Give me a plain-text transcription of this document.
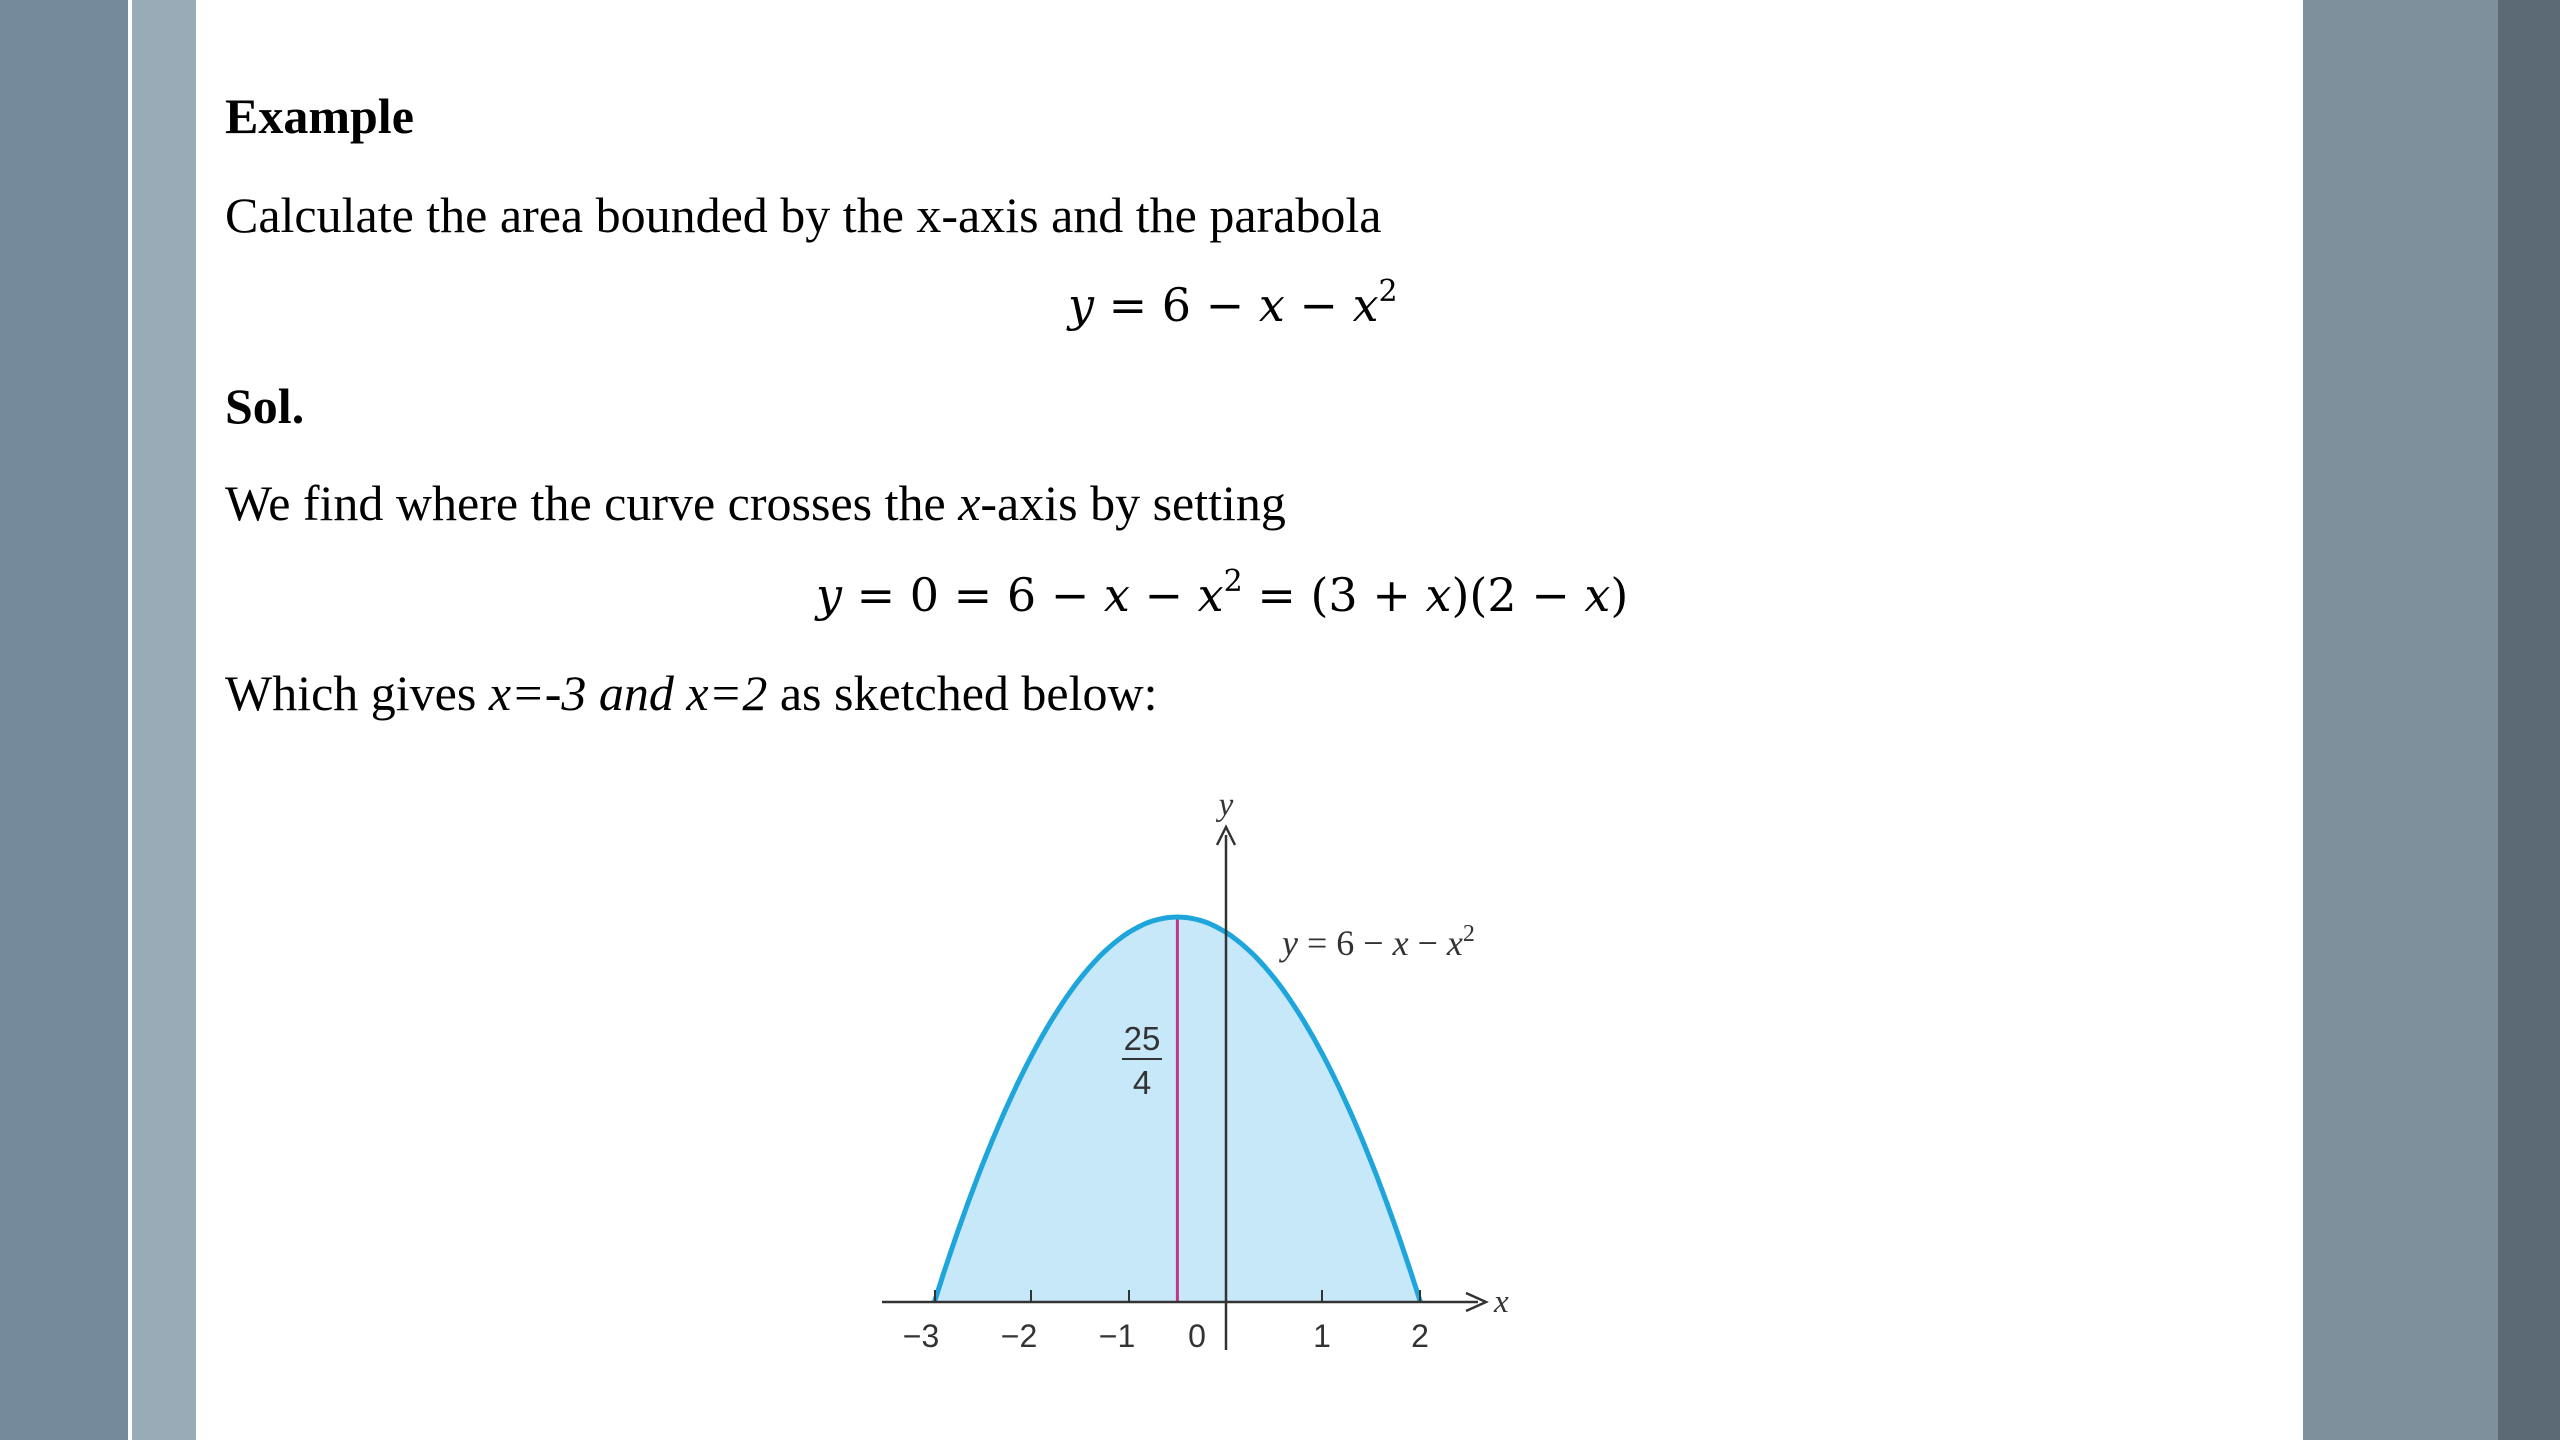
Example

Calculate the area bounded by the x-axis and the parabola

$y = 6 - x - x^2$

Sol.

We find where the curve crosses the x-axis by setting

$y = 0 = 6 - x - x^2 = (3 + x)(2 - x)$

Which gives x=-3 and x=2 as sketched below:

−3 −2 −1 0	1	2
y
x
$y = 6 - x - x^2$
25
4
